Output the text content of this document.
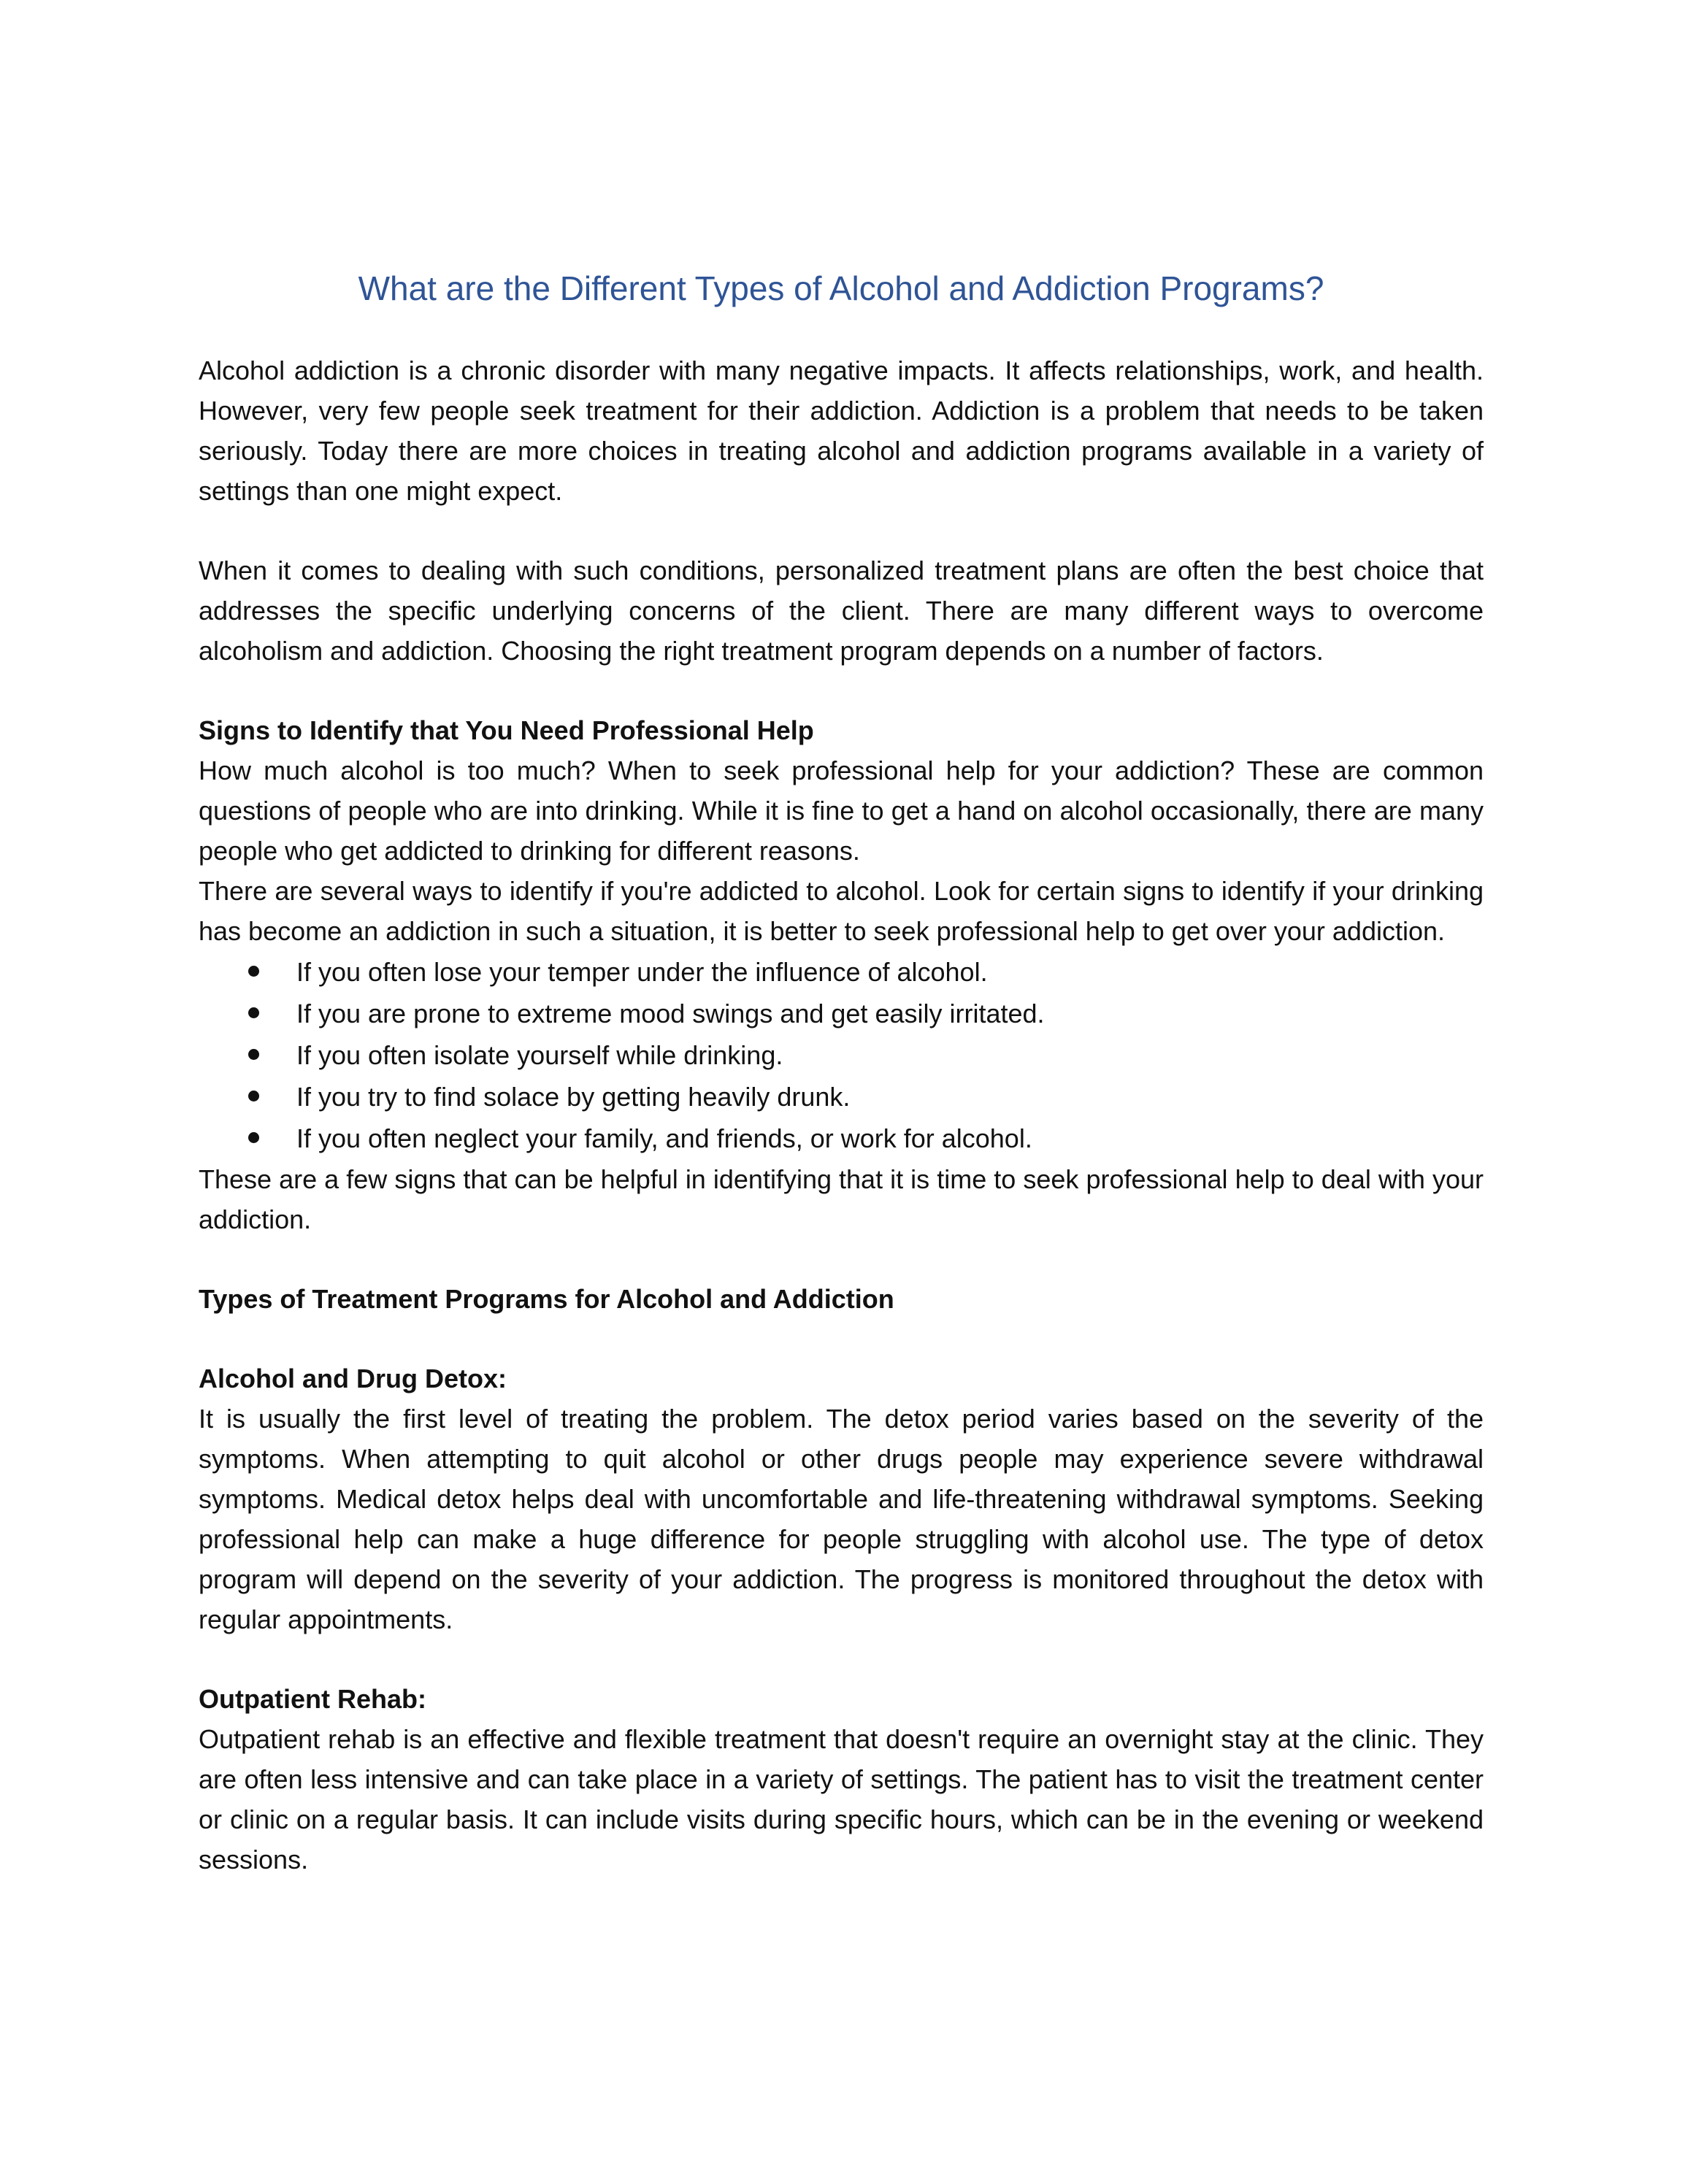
What are the Different Types of Alcohol and Addiction Programs?

Alcohol addiction is a chronic disorder with many negative impacts. It affects relationships, work, and health. However, very few people seek treatment for their addiction. Addiction is a problem that needs to be taken seriously. Today there are more choices in treating alcohol and addiction programs available in a variety of settings than one might expect.

When it comes to dealing with such conditions, personalized treatment plans are often the best choice that addresses the specific underlying concerns of the client. There are many different ways to overcome alcoholism and addiction. Choosing the right treatment program depends on a number of factors.

Signs to Identify that You Need Professional Help

How much alcohol is too much? When to seek professional help for your addiction? These are common questions of people who are into drinking. While it is fine to get a hand on alcohol occasionally, there are many people who get addicted to drinking for different reasons.

There are several ways to identify if you're addicted to alcohol. Look for certain signs to identify if your drinking has become an addiction in such a situation, it is better to seek professional help to get over your addiction.

If you often lose your temper under the influence of alcohol.
If you are prone to extreme mood swings and get easily irritated.
If you often isolate yourself while drinking.
If you try to find solace by getting heavily drunk.
If you often neglect your family, and friends, or work for alcohol.

These are a few signs that can be helpful in identifying that it is time to seek professional help to deal with your addiction.

Types of Treatment Programs for Alcohol and Addiction

Alcohol and Drug Detox:

It is usually the first level of treating the problem. The detox period varies based on the severity of the symptoms. When attempting to quit alcohol or other drugs people may experience severe withdrawal symptoms. Medical detox helps deal with uncomfortable and life-threatening withdrawal symptoms. Seeking professional help can make a huge difference for people struggling with alcohol use. The type of detox program will depend on the severity of your addiction. The progress is monitored throughout the detox with regular appointments.

Outpatient Rehab:

Outpatient rehab is an effective and flexible treatment that doesn't require an overnight stay at the clinic. They are often less intensive and can take place in a variety of settings. The patient has to visit the treatment center or clinic on a regular basis. It can include visits during specific hours, which can be in the evening or weekend sessions.
